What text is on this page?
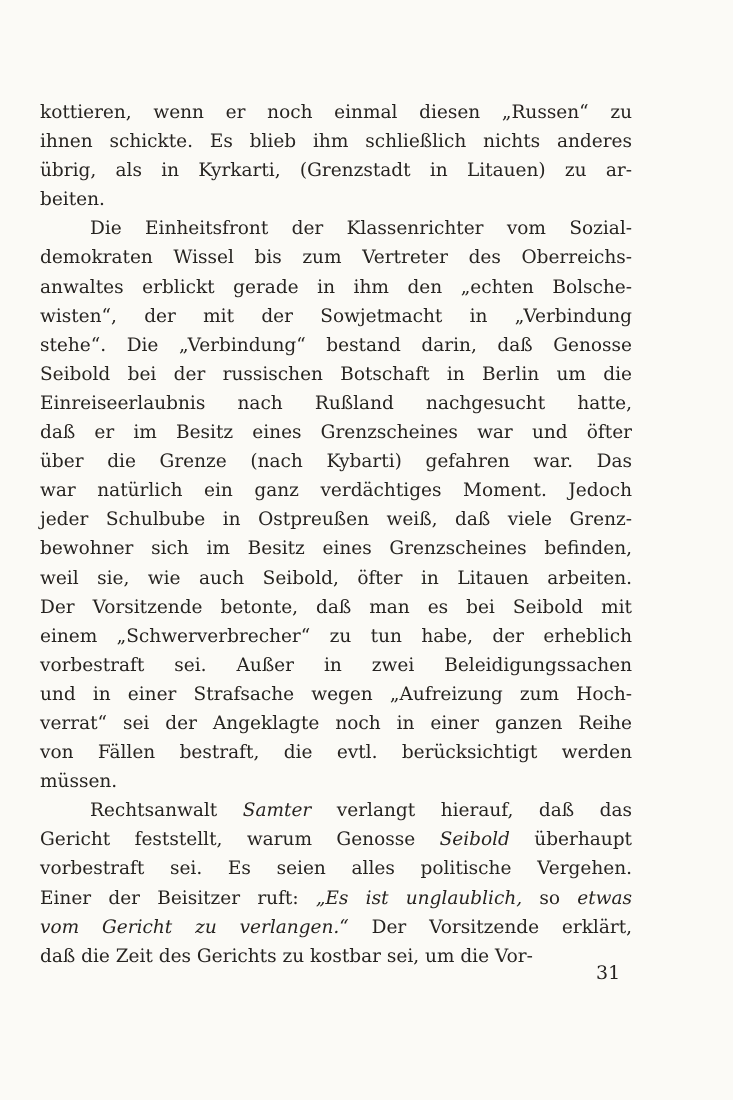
kottieren, wenn er noch einmal diesen „Russen“ zu
ihnen schickte. Es blieb ihm schließlich nichts anderes
übrig, als in Kyrkarti, (Grenzstadt in Litauen) zu ar-
beiten.
Die Einheitsfront der Klassenrichter vom Sozial-
demokraten Wissel bis zum Vertreter des Oberreichs-
anwaltes erblickt gerade in ihm den „echten Bolsche-
wisten“, der mit der Sowjetmacht in „Verbindung
stehe“. Die „Verbindung“ bestand darin, daß Genosse
Seibold bei der russischen Botschaft in Berlin um die
Einreiseerlaubnis nach Rußland nachgesucht hatte,
daß er im Besitz eines Grenzscheines war und öfter
über die Grenze (nach Kybarti) gefahren war. Das
war natürlich ein ganz verdächtiges Moment. Jedoch
jeder Schulbube in Ostpreußen weiß, daß viele Grenz-
bewohner sich im Besitz eines Grenzscheines befinden,
weil sie, wie auch Seibold, öfter in Litauen arbeiten.
Der Vorsitzende betonte, daß man es bei Seibold mit
einem „Schwerverbrecher“ zu tun habe, der erheblich
vorbestraft sei. Außer in zwei Beleidigungssachen
und in einer Strafsache wegen „Aufreizung zum Hoch-
verrat“ sei der Angeklagte noch in einer ganzen Reihe
von Fällen bestraft, die evtl. berücksichtigt werden
müssen.
Rechtsanwalt Samter verlangt hierauf, daß das
Gericht feststellt, warum Genosse Seibold überhaupt
vorbestraft sei. Es seien alles politische Vergehen.
Einer der Beisitzer ruft: „Es ist unglaublich, so etwas
vom Gericht zu verlangen.“ Der Vorsitzende erklärt,
daß die Zeit des Gerichts zu kostbar sei, um die Vor-
31
